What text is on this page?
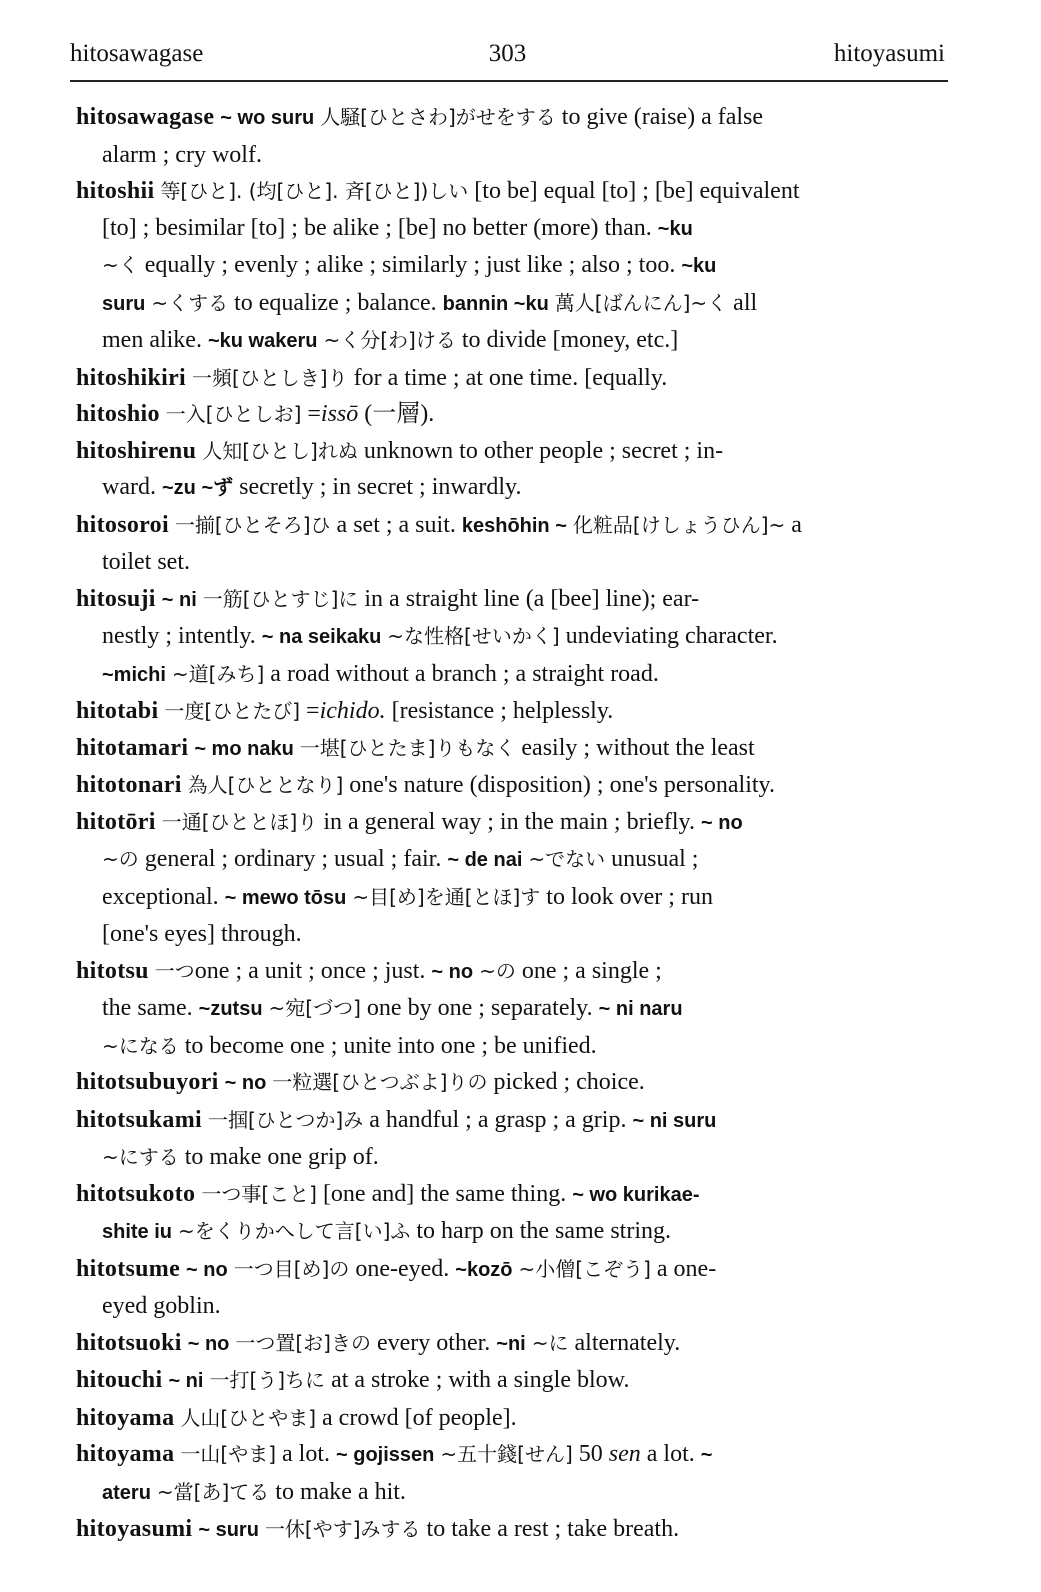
hitosawagase	303	hitoyasumi

hitosawagase ~ wo suru 人騒[ひとさわ]がせをする to give (raise) a false
alarm ; cry wolf.

hitoshii 等[ひと]. (均[ひと]. 斉[ひと])しい [to be] equal [to] ; [be] equivalent
[to] ; besimilar [to] ; be alike ; [be] no better (more) than. ~ku
~く equally ; evenly ; alike ; similarly ; just like ; also ; too. ~ku
suru ~くする to equalize ; balance. bannin ~ku 萬人[ばんにん]~く all
men alike. ~ku wakeru ~く分[わ]ける to divide [money, etc.]

hitoshikiri 一頻[ひとしき]り for a time ; at one time. [equally.

hitoshio 一入[ひとしお] =issō (一層).

hitoshirenu 人知[ひとし]れぬ unknown to other people ; secret ; in-
ward. ~zu ~ず secretly ; in secret ; inwardly.

hitosoroi 一揃[ひとそろ]ひ a set ; a suit. keshōhin ~ 化粧品[けしょうひん]~ a
toilet set.

hitosuji ~ ni 一筋[ひとすじ]に in a straight line (a [bee] line); ear-
nestly ; intently. ~ na seikaku ~な性格[せいかく] undeviating character.
~michi ~道[みち] a road without a branch ; a straight road.

hitotabi 一度[ひとたび] =ichido. [resistance ; helplessly.

hitotamari ~ mo naku 一堪[ひとたま]りもなく easily ; without the least

hitotonari 為人[ひととなり] one's nature (disposition) ; one's personality.

hitotōri 一通[ひととほ]り in a general way ; in the main ; briefly. ~ no
~の general ; ordinary ; usual ; fair. ~ de nai ~でない unusual ;
exceptional. ~ mewo tōsu ~目[め]を通[とほ]す to look over ; run
[one's eyes] through.

hitotsu 一つone ; a unit ; once ; just. ~ no ~の one ; a single ;
the same. ~zutsu ~宛[づつ] one by one ; separately. ~ ni naru
~になる to become one ; unite into one ; be unified.

hitotsubuyori ~ no 一粒選[ひとつぶよ]りの picked ; choice.

hitotsukami 一掴[ひとつか]み a handful ; a grasp ; a grip. ~ ni suru
~にする to make one grip of.

hitotsukoto 一つ事[こと] [one and] the same thing. ~ wo kurikae-
shite iu ~をくりかへして言[い]ふ to harp on the same string.

hitotsume ~ no 一つ目[め]の one-eyed. ~kozō ~小僧[こぞう] a one-
eyed goblin.

hitotsuoki ~ no 一つ置[お]きの every other. ~ni ~に alternately.

hitouchi ~ ni 一打[う]ちに at a stroke ; with a single blow.

hitoyama 人山[ひとやま] a crowd [of people].

hitoyama 一山[やま] a lot. ~ gojissen ~五十錢[せん] 50 sen a lot. ~
ateru ~當[あ]てる to make a hit.

hitoyasumi ~ suru 一休[やす]みする to take a rest ; take breath.
